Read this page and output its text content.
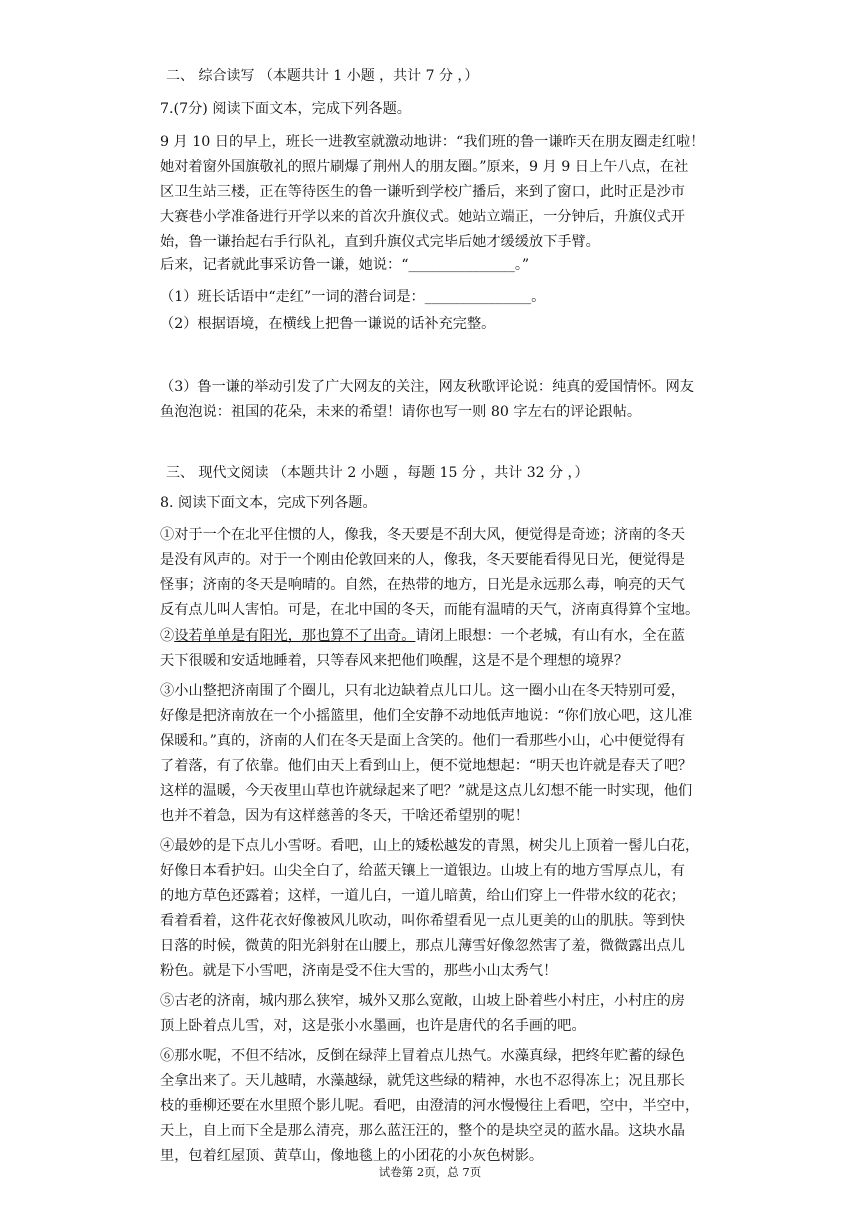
二、 综合读写 （本题共计 1 小题 ，共计 7 分 ，）
7.(7分) 阅读下面文本，完成下列各题。
9 月 10 日的早上，班长一进教室就激动地讲：“我们班的鲁一谦昨天在朋友圈走红啦！
她对着窗外国旗敬礼的照片刷爆了荆州人的朋友圈。”原来，9 月 9 日上午八点，在社
区卫生站三楼，正在等待医生的鲁一谦听到学校广播后，来到了窗口，此时正是沙市
大赛巷小学准备进行开学以来的首次升旗仪式。她站立端正，一分钟后，升旗仪式开
始，鲁一谦抬起右手行队礼，直到升旗仪式完毕后她才缓缓放下手臂。
后来，记者就此事采访鲁一谦，她说：“_______________。”
（1）班长话语中“走红”一词的潜台词是：_______________。
（2）根据语境，在横线上把鲁一谦说的话补充完整。
（3）鲁一谦的举动引发了广大网友的关注，网友秋歌评论说：纯真的爱国情怀。网友
鱼泡泡说：祖国的花朵，未来的希望！请你也写一则 80 字左右的评论跟帖。
三、 现代文阅读 （本题共计 2 小题 ，每题 15 分 ，共计 32 分 ，）
8. 阅读下面文本，完成下列各题。
①对于一个在北平住惯的人，像我，冬天要是不刮大风，便觉得是奇迹；济南的冬天
是没有风声的。对于一个刚由伦敦回来的人，像我，冬天要能看得见日光，便觉得是
怪事；济南的冬天是响晴的。自然，在热带的地方，日光是永远那么毒，响亮的天气
反有点儿叫人害怕。可是，在北中国的冬天，而能有温晴的天气，济南真得算个宝地。
②设若单单是有阳光，那也算不了出奇。请闭上眼想：一个老城，有山有水，全在蓝
天下很暖和安适地睡着，只等春风来把他们唤醒，这是不是个理想的境界？
③小山整把济南围了个圈儿，只有北边缺着点儿口儿。这一圈小山在冬天特别可爱，
好像是把济南放在一个小摇篮里，他们全安静不动地低声地说：“你们放心吧，这儿准
保暖和。”真的，济南的人们在冬天是面上含笑的。他们一看那些小山，心中便觉得有
了着落，有了依靠。他们由天上看到山上，便不觉地想起：“明天也许就是春天了吧？
这样的温暖，今天夜里山草也许就绿起来了吧？”就是这点儿幻想不能一时实现，他们
也并不着急，因为有这样慈善的冬天，干啥还希望别的呢！
④最妙的是下点儿小雪呀。看吧，山上的矮松越发的青黑，树尖儿上顶着一髻儿白花，
好像日本看护妇。山尖全白了，给蓝天镶上一道银边。山坡上有的地方雪厚点儿，有
的地方草色还露着；这样，一道儿白，一道儿暗黄，给山们穿上一件带水纹的花衣；
看着看着，这件花衣好像被风儿吹动，叫你希望看见一点儿更美的山的肌肤。等到快
日落的时候，微黄的阳光斜射在山腰上，那点儿薄雪好像忽然害了羞，微微露出点儿
粉色。就是下小雪吧，济南是受不住大雪的，那些小山太秀气！
⑤古老的济南，城内那么狭窄，城外又那么宽敞，山坡上卧着些小村庄，小村庄的房
顶上卧着点儿雪，对，这是张小水墨画，也许是唐代的名手画的吧。
⑥那水呢，不但不结冰，反倒在绿萍上冒着点儿热气。水藻真绿，把终年贮蓄的绿色
全拿出来了。天儿越晴，水藻越绿，就凭这些绿的精神，水也不忍得冻上；况且那长
枝的垂柳还要在水里照个影儿呢。看吧，由澄清的河水慢慢往上看吧，空中，半空中，
天上，自上而下全是那么清亮，那么蓝汪汪的，整个的是块空灵的蓝水晶。这块水晶
里，包着红屋顶、黄草山，像地毯上的小团花的小灰色树影。
试卷第 2页，总 7页
